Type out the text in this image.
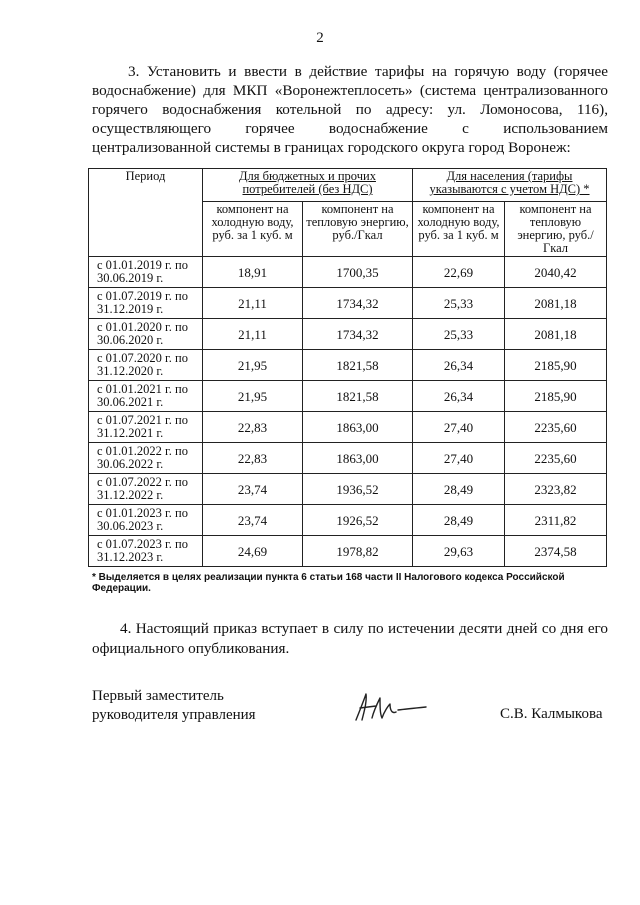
2

3. Установить и ввести в действие тарифы на горячую воду (горячее водоснабжение) для МКП «Воронежтеплосеть» (система централизованного горячего водоснабжения котельной по адресу: ул. Ломоносова, 116), осуществляющего горячее водоснабжение с использованием централизованной системы в границах городского округа город Воронеж:

Период	Для бюджетных и прочих потребителей (без НДС)		Для населения (тарифы указываются с учетом НДС) *	
	компонент на холодную воду, руб. за 1 куб. м	компонент на тепловую энергию, руб./Гкал	компонент на холодную воду, руб. за 1 куб. м	компонент на тепловую энергию, руб./Гкал
с 01.01.2019 г. по 30.06.2019 г.	18,91	1700,35	22,69	2040,42
с 01.07.2019 г. по 31.12.2019 г.	21,11	1734,32	25,33	2081,18
с 01.01.2020 г. по 30.06.2020 г.	21,11	1734,32	25,33	2081,18
с 01.07.2020 г. по 31.12.2020 г.	21,95	1821,58	26,34	2185,90
с 01.01.2021 г. по 30.06.2021 г.	21,95	1821,58	26,34	2185,90
с 01.07.2021 г. по 31.12.2021 г.	22,83	1863,00	27,40	2235,60
с 01.01.2022 г. по 30.06.2022 г.	22,83	1863,00	27,40	2235,60
с 01.07.2022 г. по 31.12.2022 г.	23,74	1936,52	28,49	2323,82
с 01.01.2023 г. по 30.06.2023 г.	23,74	1926,52	28,49	2311,82
с 01.07.2023 г. по 31.12.2023 г.	24,69	1978,82	29,63	2374,58

* Выделяется в целях реализации пункта 6 статьи 168 части II Налогового кодекса Российской Федерации.

4. Настоящий приказ вступает в силу по истечении десяти дней со дня его официального опубликования.

Первый заместитель
руководителя управления	С.В. Калмыкова
